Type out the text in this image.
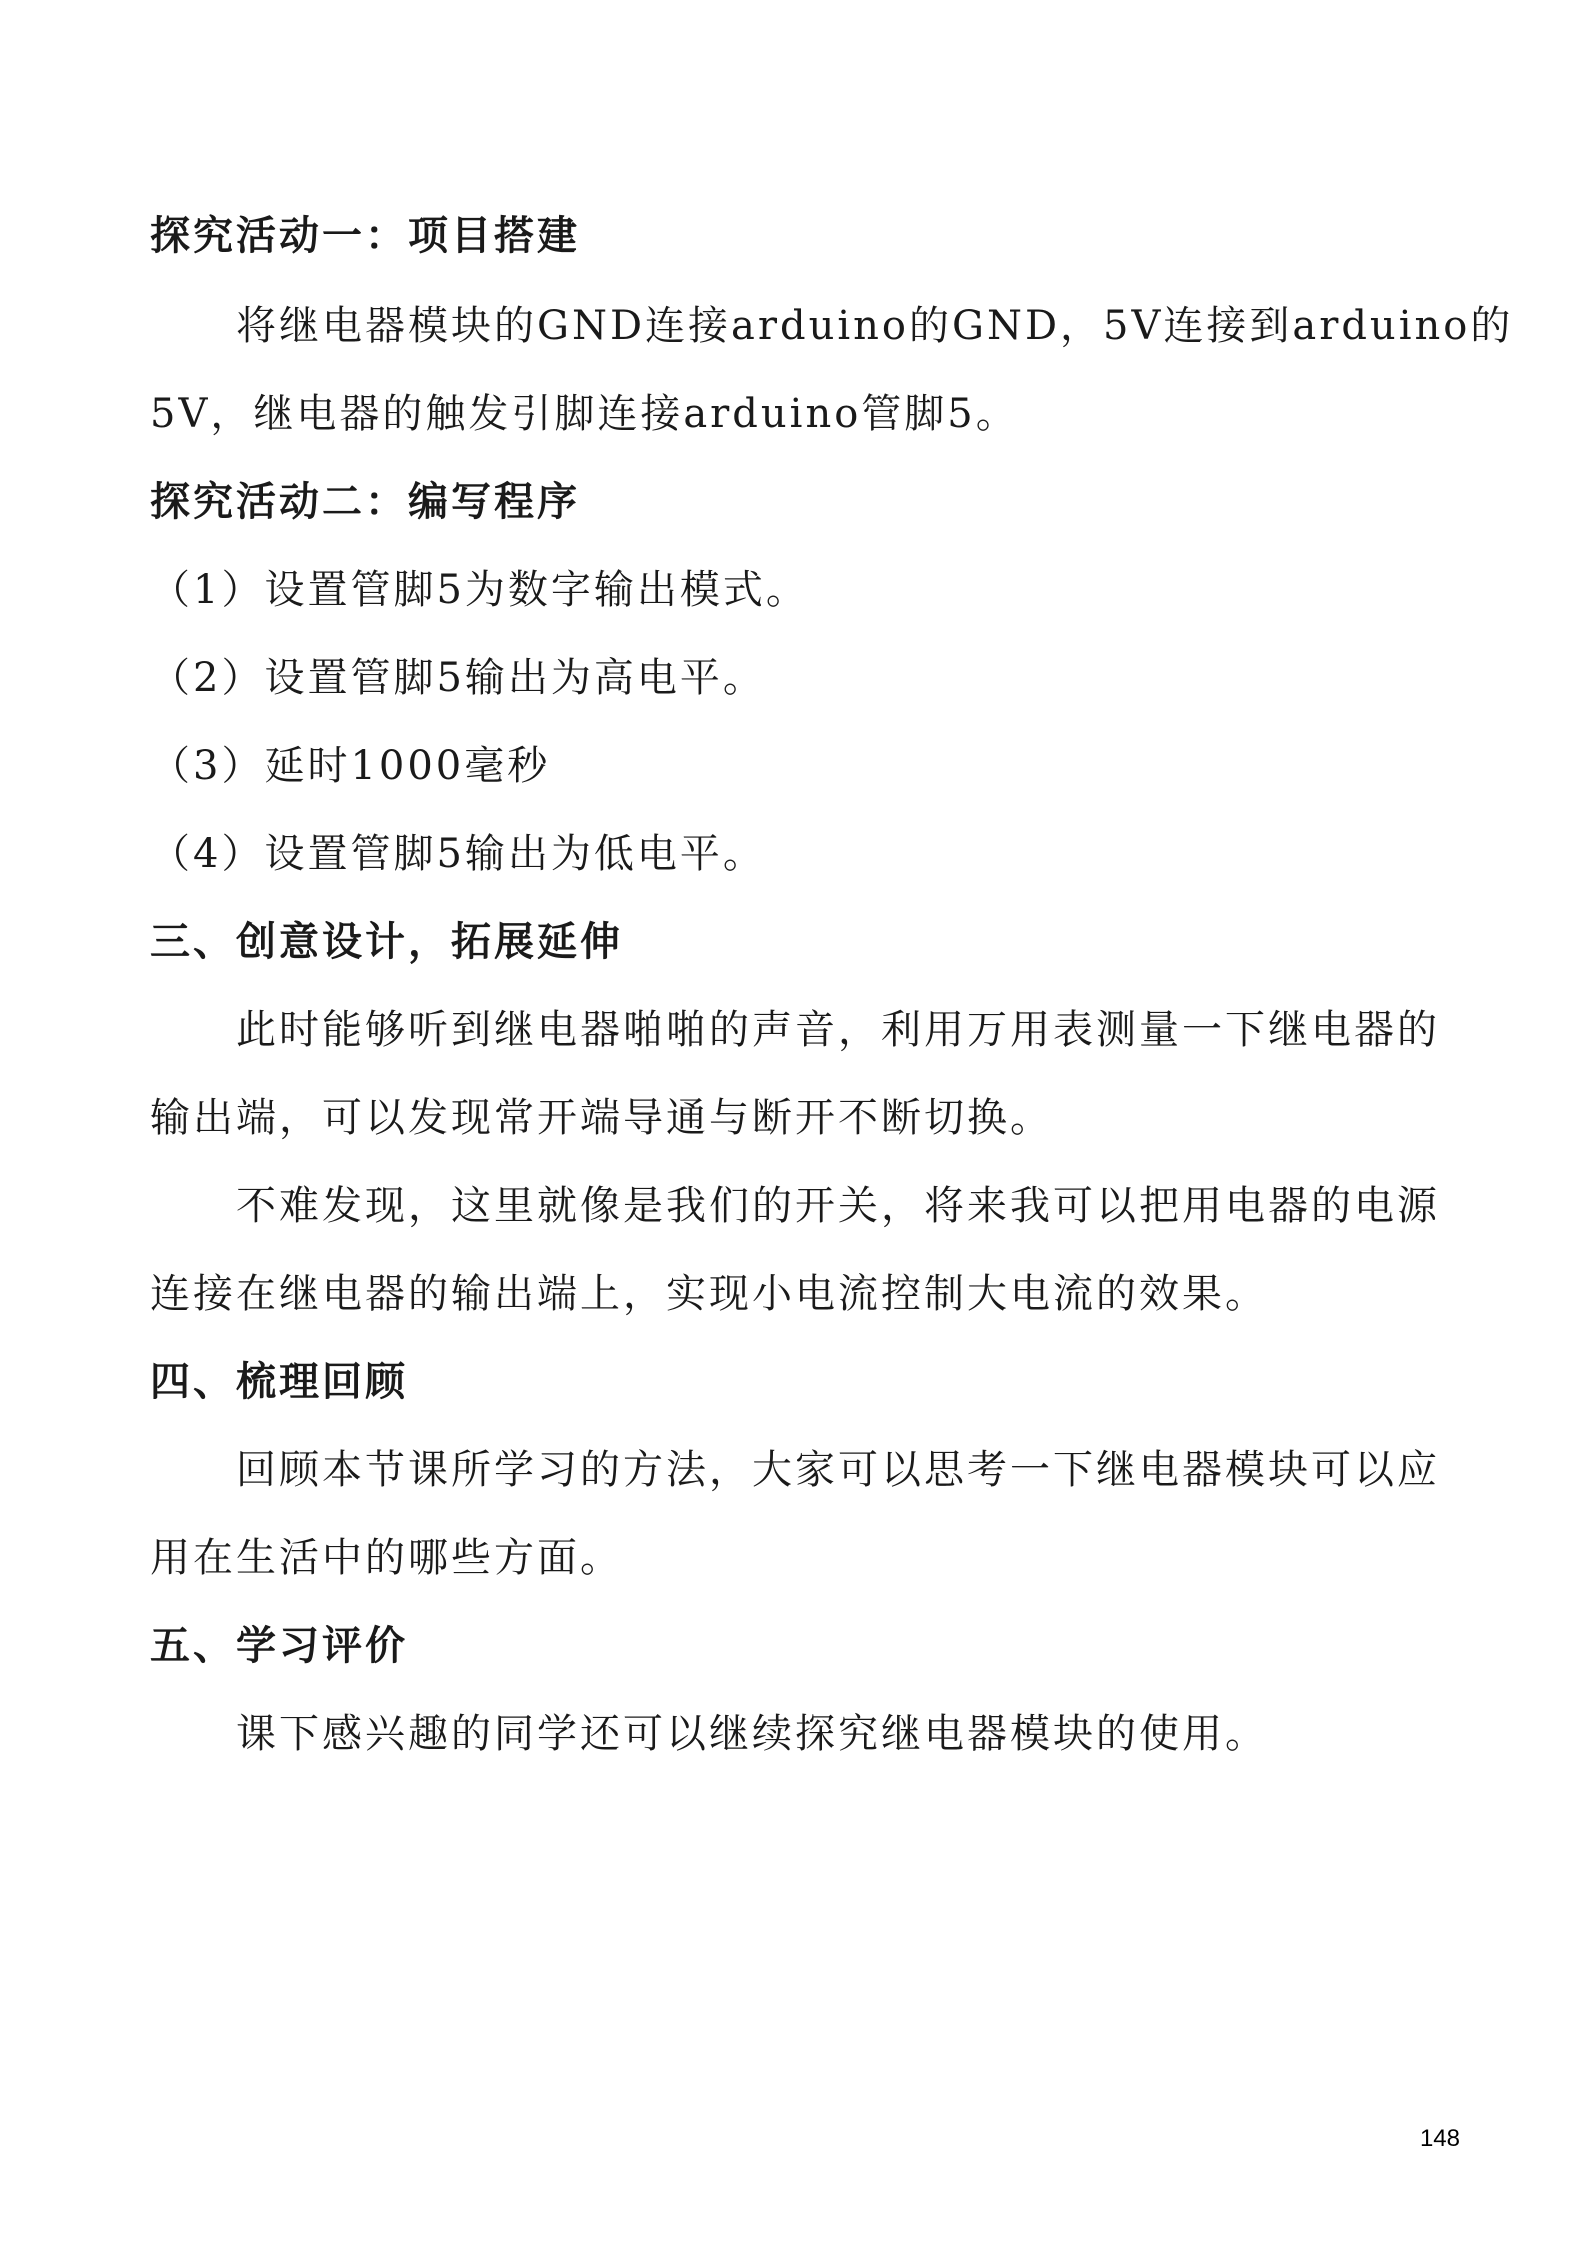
探究活动一：项目搭建
将继电器模块的GND连接arduino的GND，5V连接到arduino的
5V，继电器的触发引脚连接arduino管脚5。
探究活动二：编写程序
（1）设置管脚5为数字输出模式。
（2）设置管脚5输出为高电平。
（3）延时1000毫秒
（4）设置管脚5输出为低电平。
三、创意设计，拓展延伸
此时能够听到继电器啪啪的声音，利用万用表测量一下继电器的
输出端，可以发现常开端导通与断开不断切换。
不难发现，这里就像是我们的开关，将来我可以把用电器的电源
连接在继电器的输出端上，实现小电流控制大电流的效果。
四、梳理回顾
回顾本节课所学习的方法，大家可以思考一下继电器模块可以应
用在生活中的哪些方面。
五、学习评价
课下感兴趣的同学还可以继续探究继电器模块的使用。
148
